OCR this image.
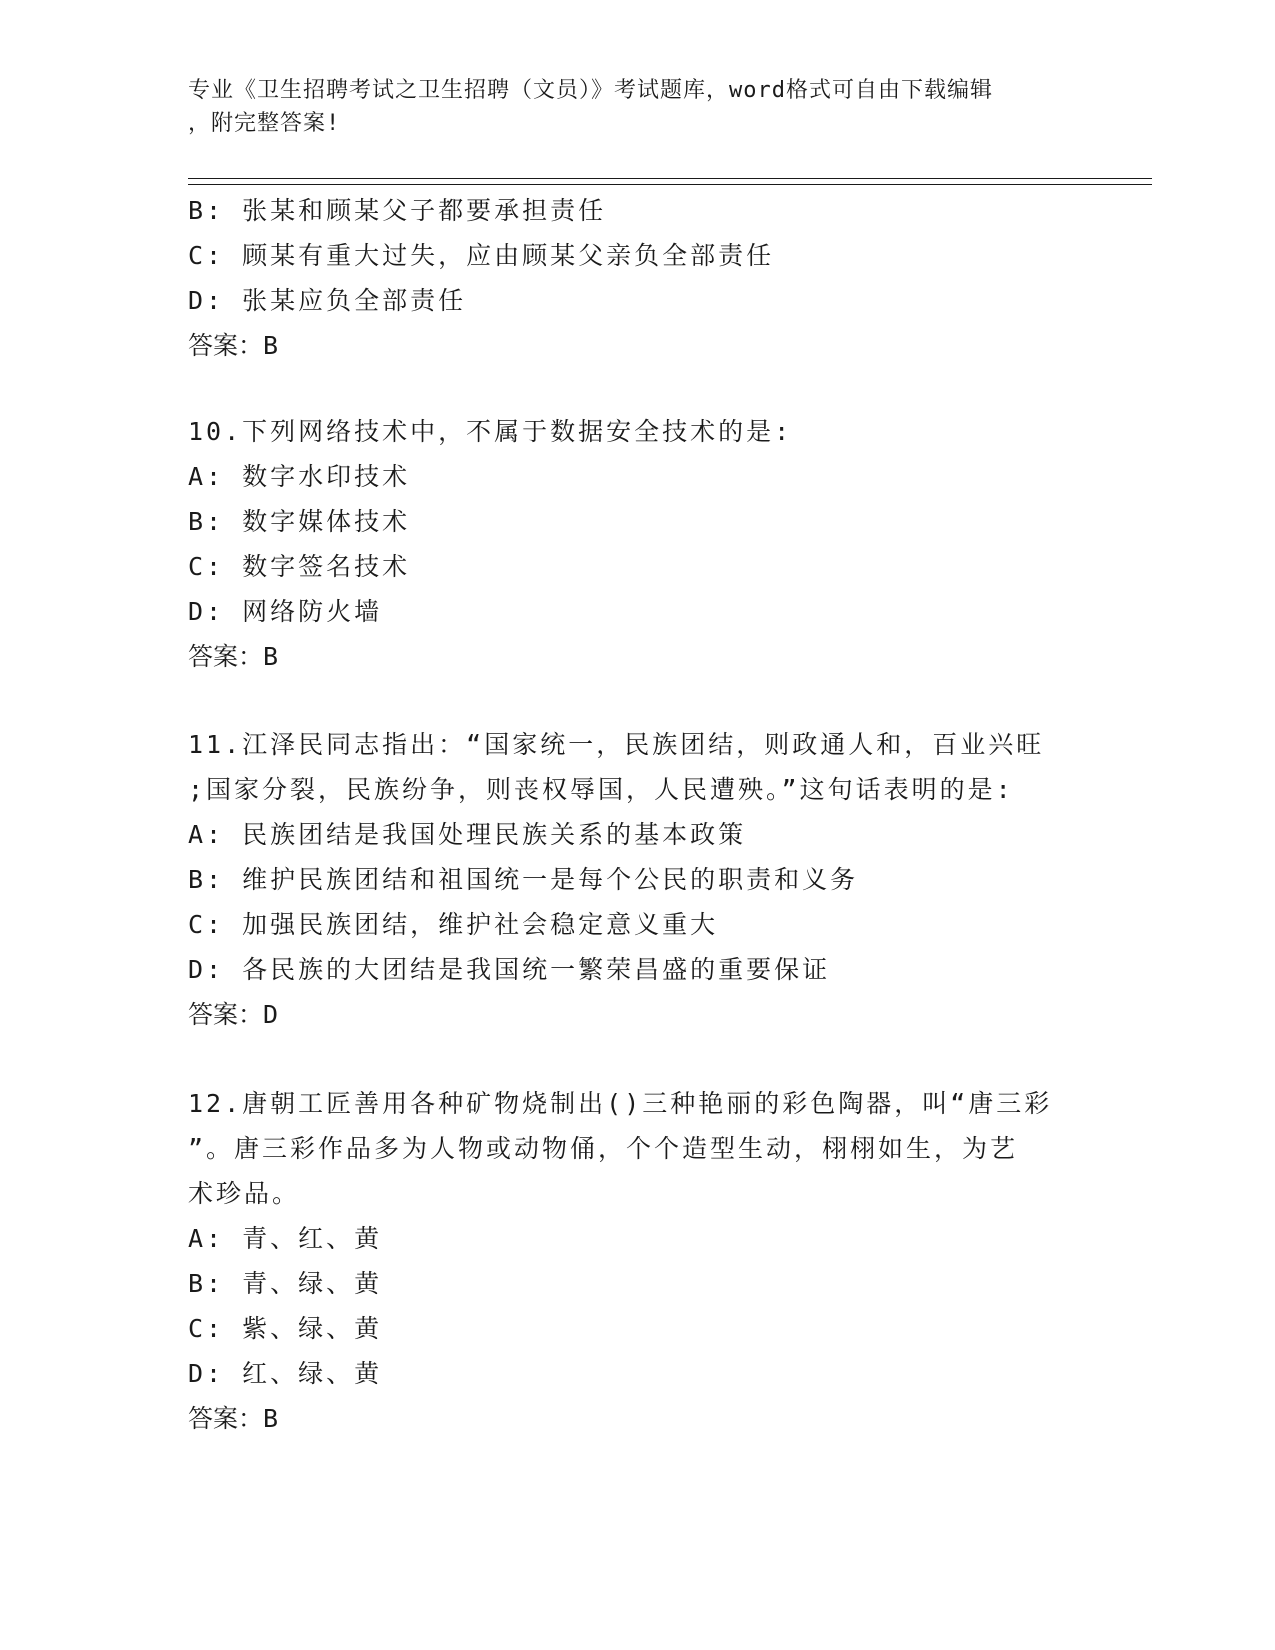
专业《卫生招聘考试之卫生招聘（文员）》考试题库，word格式可自由下载编辑
，附完整答案!
B: 张某和顾某父子都要承担责任
C: 顾某有重大过失，应由顾某父亲负全部责任
D: 张某应负全部责任
答案：B
10.下列网络技术中，不属于数据安全技术的是:
A: 数字水印技术
B: 数字媒体技术
C: 数字签名技术
D: 网络防火墙
答案：B
11.江泽民同志指出：“国家统一，民族团结，则政通人和，百业兴旺
;国家分裂，民族纷争，则丧权辱国，人民遭殃。”这句话表明的是:
A: 民族团结是我国处理民族关系的基本政策
B: 维护民族团结和祖国统一是每个公民的职责和义务
C: 加强民族团结，维护社会稳定意义重大
D: 各民族的大团结是我国统一繁荣昌盛的重要保证
答案：D
12.唐朝工匠善用各种矿物烧制出()三种艳丽的彩色陶器，叫“唐三彩
”。唐三彩作品多为人物或动物俑，个个造型生动，栩栩如生，为艺
术珍品。
A: 青、红、黄
B: 青、绿、黄
C: 紫、绿、黄
D: 红、绿、黄
答案：B
